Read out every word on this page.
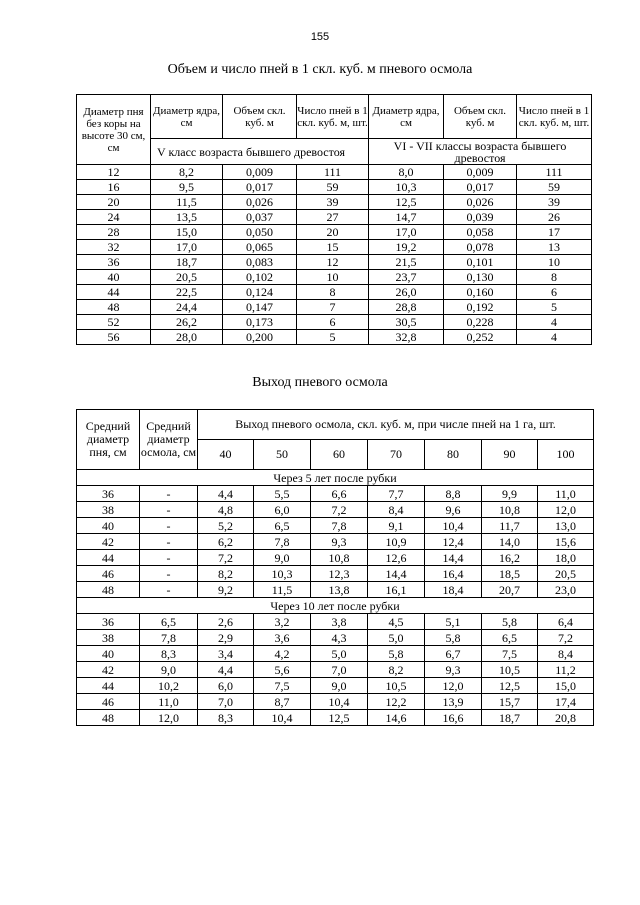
155
Объем и число пней в 1 скл. куб. м пневого осмола
Диаметр пня без коры на высоте 30 см, см	Диаметр ядра, см	Объем скл. куб. м	Число пней в 1 скл. куб. м, шт.	Диаметр ядра, см	Объем скл. куб. м	Число пней в 1 скл. куб. м, шт.
	V класс возраста бывшего древостоя			VI - VII классы возраста бывшего древостоя		
12	8,2	0,009	111	8,0	0,009	111
16	9,5	0,017	59	10,3	0,017	59
20	11,5	0,026	39	12,5	0,026	39
24	13,5	0,037	27	14,7	0,039	26
28	15,0	0,050	20	17,0	0,058	17
32	17,0	0,065	15	19,2	0,078	13
36	18,7	0,083	12	21,5	0,101	10
40	20,5	0,102	10	23,7	0,130	8
44	22,5	0,124	8	26,0	0,160	6
48	24,4	0,147	7	28,8	0,192	5
52	26,2	0,173	6	30,5	0,228	4
56	28,0	0,200	5	32,8	0,252	4
Выход пневого осмола
Средний диаметр пня, см	Средний диаметр осмола, см	Выход пневого осмола, скл. куб. м, при числе пней на 1 га, шт.						
		40	50	60	70	80	90	100
Через 5 лет после рубки								
36	-	4,4	5,5	6,6	7,7	8,8	9,9	11,0
38	-	4,8	6,0	7,2	8,4	9,6	10,8	12,0
40	-	5,2	6,5	7,8	9,1	10,4	11,7	13,0
42	-	6,2	7,8	9,3	10,9	12,4	14,0	15,6
44	-	7,2	9,0	10,8	12,6	14,4	16,2	18,0
46	-	8,2	10,3	12,3	14,4	16,4	18,5	20,5
48	-	9,2	11,5	13,8	16,1	18,4	20,7	23,0
Через 10 лет после рубки								
36	6,5	2,6	3,2	3,8	4,5	5,1	5,8	6,4
38	7,8	2,9	3,6	4,3	5,0	5,8	6,5	7,2
40	8,3	3,4	4,2	5,0	5,8	6,7	7,5	8,4
42	9,0	4,4	5,6	7,0	8,2	9,3	10,5	11,2
44	10,2	6,0	7,5	9,0	10,5	12,0	12,5	15,0
46	11,0	7,0	8,7	10,4	12,2	13,9	15,7	17,4
48	12,0	8,3	10,4	12,5	14,6	16,6	18,7	20,8
